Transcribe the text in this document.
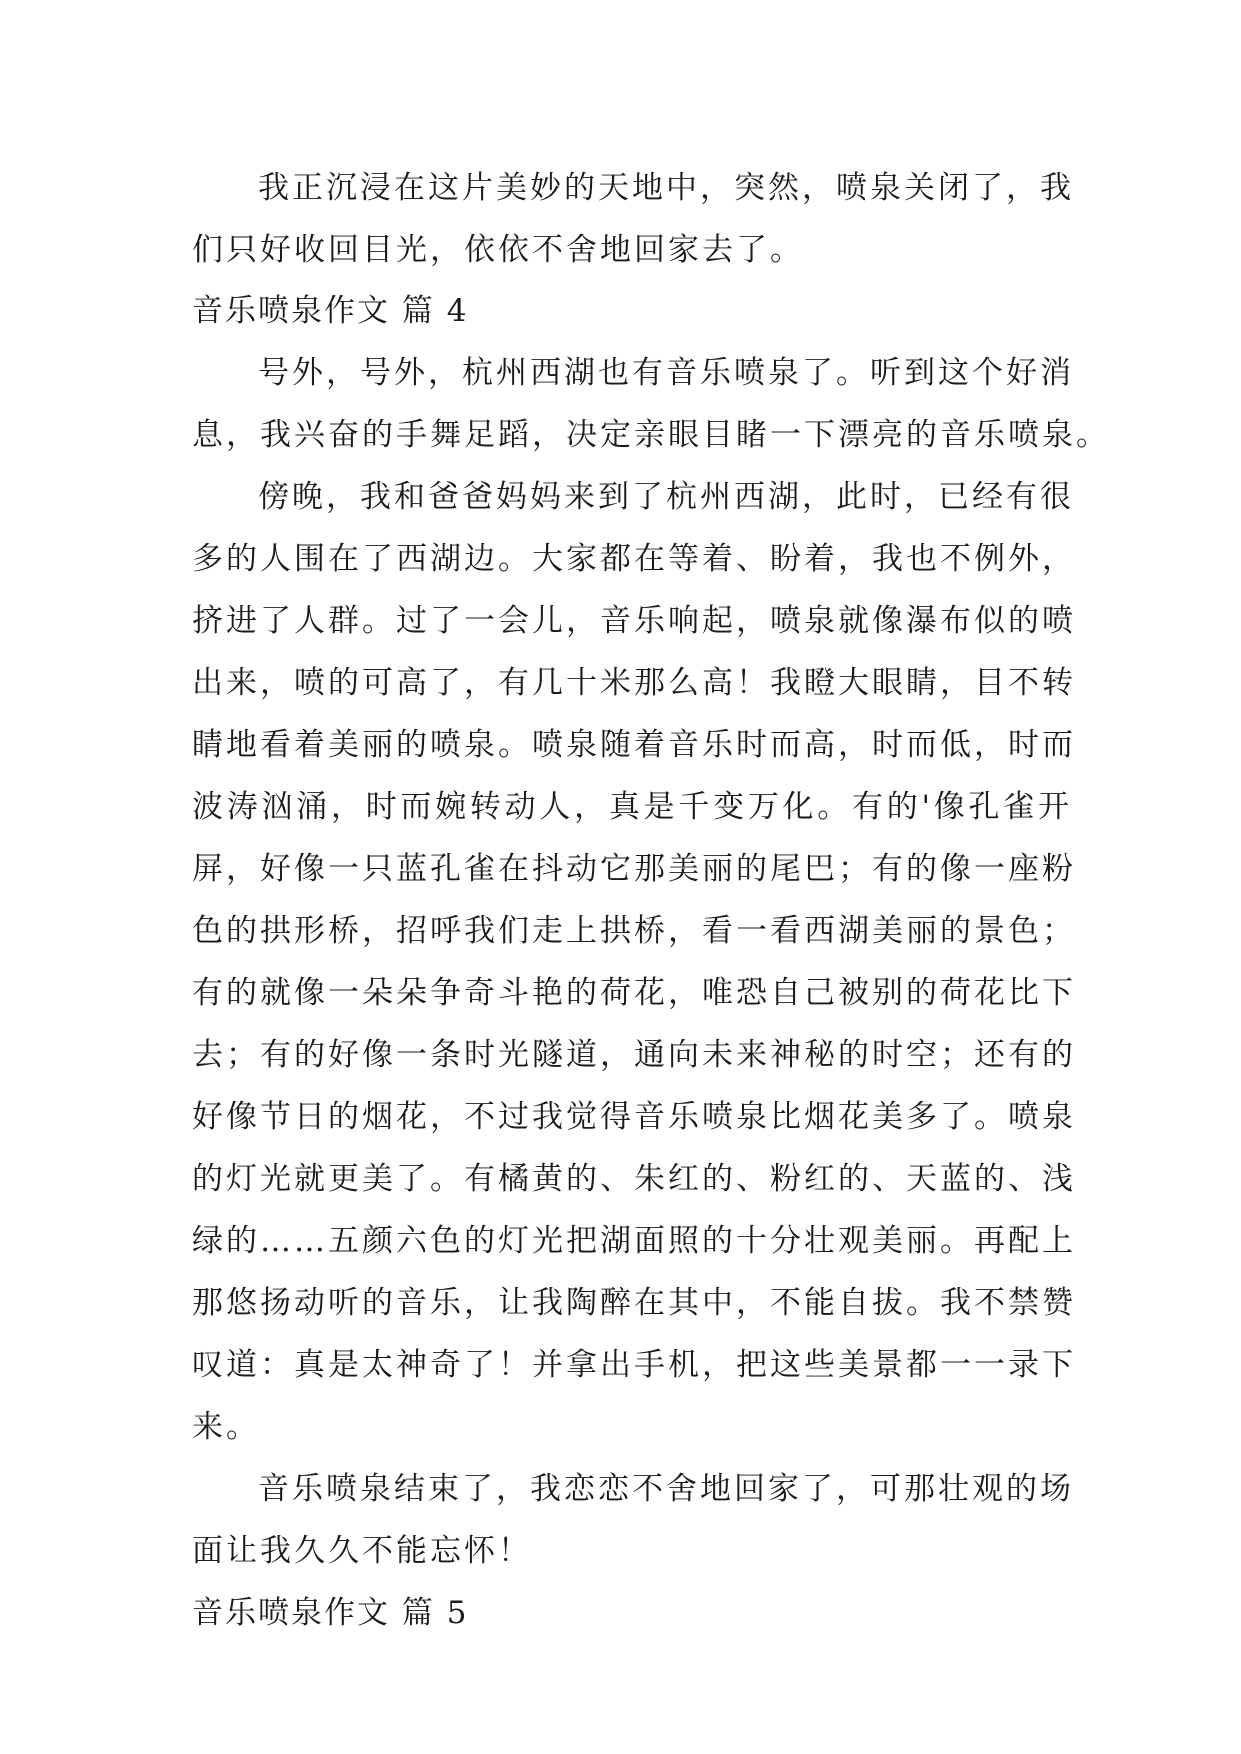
我正沉浸在这片美妙的天地中，突然，喷泉关闭了，我
们只好收回目光，依依不舍地回家去了。
音乐喷泉作文 篇 4
号外，号外，杭州西湖也有音乐喷泉了。听到这个好消
息，我兴奋的手舞足蹈，决定亲眼目睹一下漂亮的音乐喷泉。
傍晚，我和爸爸妈妈来到了杭州西湖，此时，已经有很
多的人围在了西湖边。大家都在等着、盼着，我也不例外，
挤进了人群。过了一会儿，音乐响起，喷泉就像瀑布似的喷
出来，喷的可高了，有几十米那么高！我瞪大眼睛，目不转
睛地看着美丽的喷泉。喷泉随着音乐时而高，时而低，时而
波涛汹涌，时而婉转动人，真是千变万化。有的'像孔雀开
屏，好像一只蓝孔雀在抖动它那美丽的尾巴；有的像一座粉
色的拱形桥，招呼我们走上拱桥，看一看西湖美丽的景色；
有的就像一朵朵争奇斗艳的荷花，唯恐自己被别的荷花比下
去；有的好像一条时光隧道，通向未来神秘的时空；还有的
好像节日的烟花，不过我觉得音乐喷泉比烟花美多了。喷泉
的灯光就更美了。有橘黄的、朱红的、粉红的、天蓝的、浅
绿的……五颜六色的灯光把湖面照的十分壮观美丽。再配上
那悠扬动听的音乐，让我陶醉在其中，不能自拔。我不禁赞
叹道：真是太神奇了！并拿出手机，把这些美景都一一录下
来。
音乐喷泉结束了，我恋恋不舍地回家了，可那壮观的场
面让我久久不能忘怀！
音乐喷泉作文 篇 5
